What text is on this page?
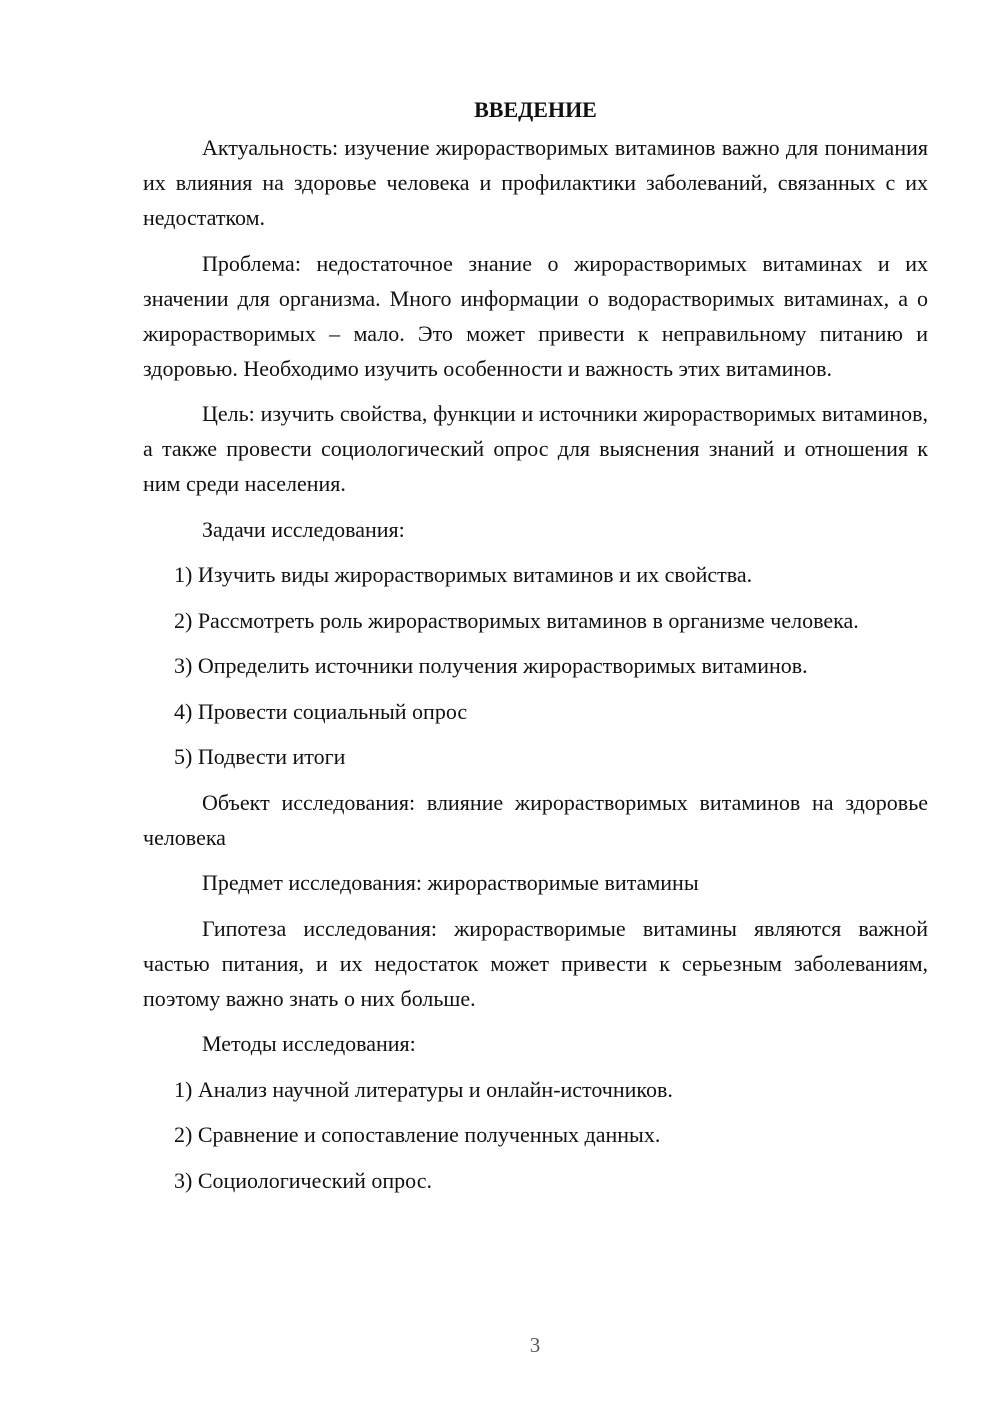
ВВЕДЕНИЕ

Актуальность: изучение жирорастворимых витаминов важно для понимания их влияния на здоровье человека и профилактики заболеваний, связанных с их недостатком.

Проблема: недостаточное знание о жирорастворимых витаминах и их значении для организма. Много информации о водорастворимых витаминах, а о жирорастворимых – мало. Это может привести к неправильному питанию и здоровью. Необходимо изучить особенности и важность этих витаминов.

Цель: изучить свойства, функции и источники жирорастворимых витаминов, а также провести социологический опрос для выяснения знаний и отношения к ним среди населения.

Задачи исследования:

1) Изучить виды жирорастворимых витаминов и их свойства.

2) Рассмотреть роль жирорастворимых витаминов в организме человека.

3) Определить источники получения жирорастворимых витаминов.

4) Провести социальный опрос

5) Подвести итоги

Объект исследования: влияние жирорастворимых витаминов на здоровье человека

Предмет исследования: жирорастворимые витамины

Гипотеза исследования: жирорастворимые витамины являются важной частью питания, и их недостаток может привести к серьезным заболеваниям, поэтому важно знать о них больше.

Методы исследования:

1) Анализ научной литературы и онлайн-источников.

2) Сравнение и сопоставление полученных данных.

3) Социологический опрос.

3
